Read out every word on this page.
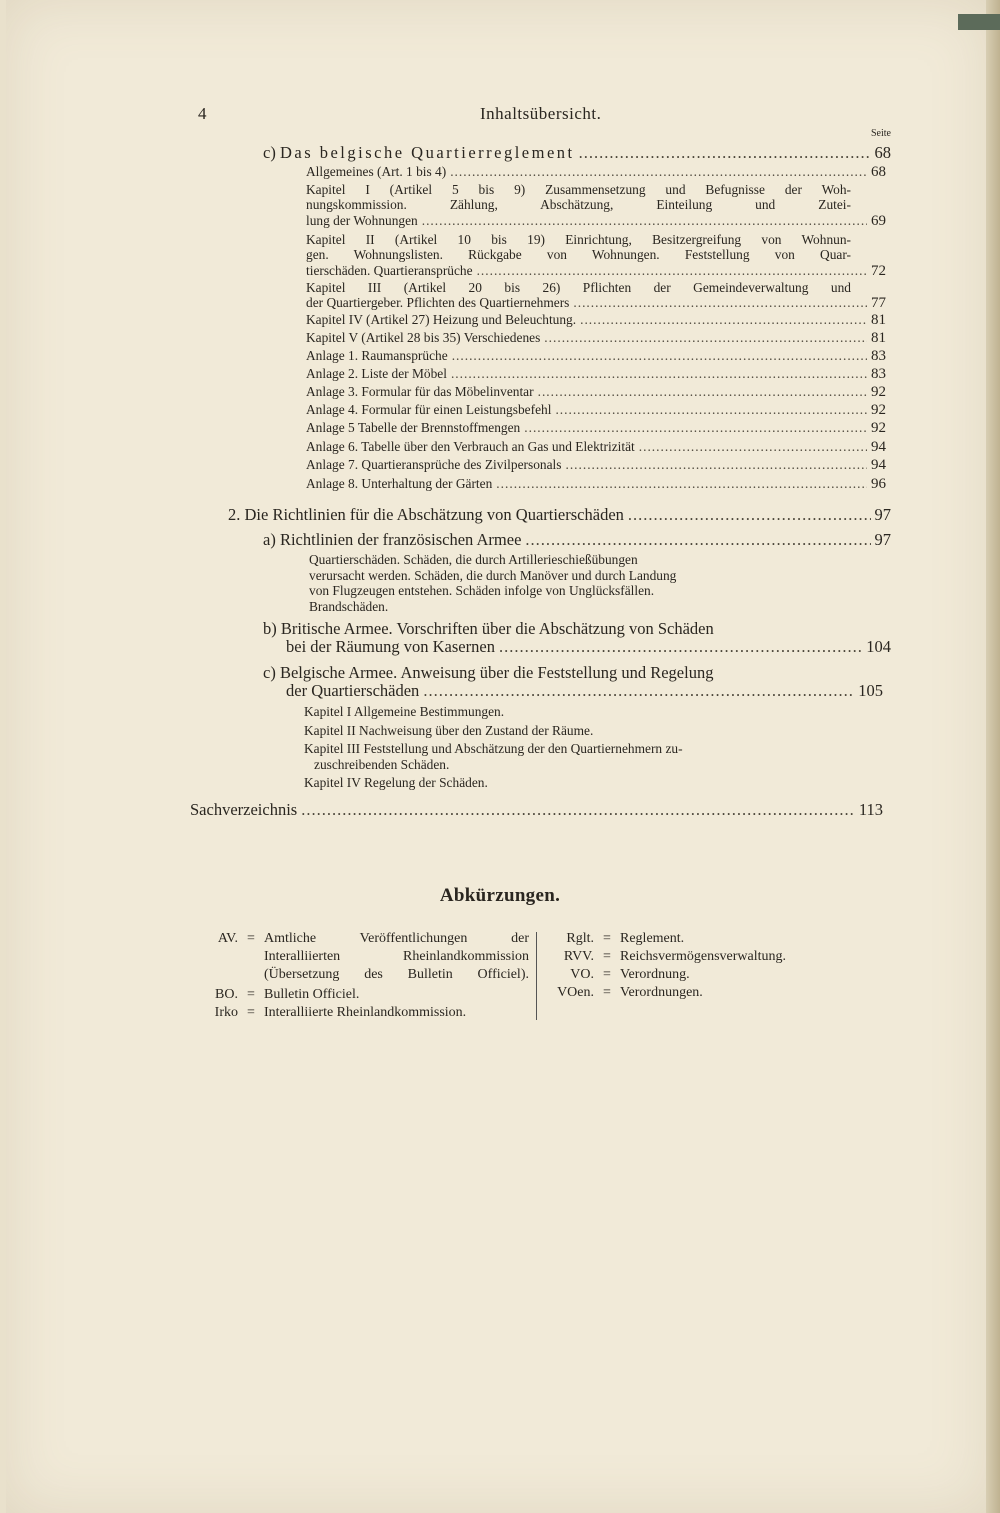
4	Inhaltsübersicht.
Seite
c) Das belgische Quartierreglement .....	68
Allgemeines (Art. 1 bis 4) .....	68
Kapitel I (Artikel 5 bis 9) Zusammensetzung und Befugnisse der Woh-
nungskommission. Zählung, Abschätzung, Einteilung und Zutei-
lung der Wohnungen .....	69
Kapitel II (Artikel 10 bis 19) Einrichtung, Besitzergreifung von Wohnun-
gen. Wohnungslisten. Rückgabe von Wohnungen. Feststellung von Quar-
tierschäden. Quartieransprüche .....	72
Kapitel III (Artikel 20 bis 26) Pflichten der Gemeindeverwaltung und
der Quartiergeber. Pflichten des Quartiernehmers .....	77
Kapitel IV (Artikel 27) Heizung und Beleuchtung. .....	81
Kapitel V (Artikel 28 bis 35) Verschiedenes .....	81
Anlage 1. Raumansprüche .....	83
Anlage 2. Liste der Möbel .....	83
Anlage 3. Formular für das Möbelinventar .....	92
Anlage 4. Formular für einen Leistungsbefehl .....	92
Anlage 5 Tabelle der Brennstoffmengen .....	92
Anlage 6. Tabelle über den Verbrauch an Gas und Elektrizität .....	94
Anlage 7. Quartieransprüche des Zivilpersonals .....	94
Anlage 8. Unterhaltung der Gärten .....	96
2. Die Richtlinien für die Abschätzung von Quartierschäden .....	97
a) Richtlinien der französischen Armee .....	97
Quartierschäden. Schäden, die durch Artillerieschießübungen
verursacht werden. Schäden, die durch Manöver und durch Landung
von Flugzeugen entstehen. Schäden infolge von Unglücksfällen.
Brandschäden.
b) Britische Armee. Vorschriften über die Abschätzung von Schäden
bei der Räumung von Kasernen .....	104
c) Belgische Armee. Anweisung über die Feststellung und Regelung
der Quartierschäden .....	105
Kapitel I Allgemeine Bestimmungen.
Kapitel II Nachweisung über den Zustand der Räume.
Kapitel III Feststellung und Abschätzung der den Quartiernehmern zu-
zuschreibenden Schäden.
Kapitel IV Regelung der Schäden.
Sachverzeichnis .....	113
Abkürzungen.
AV. = Amtliche Veröffentlichungen der
Interalliierten Rheinlandkommission
(Übersetzung des Bulletin Officiel).
BO. = Bulletin Officiel.
Irko = Interalliierte Rheinlandkommission.
Rglt. = Reglement.
RVV. = Reichsvermögensverwaltung.
VO. = Verordnung.
VOen. = Verordnungen.
